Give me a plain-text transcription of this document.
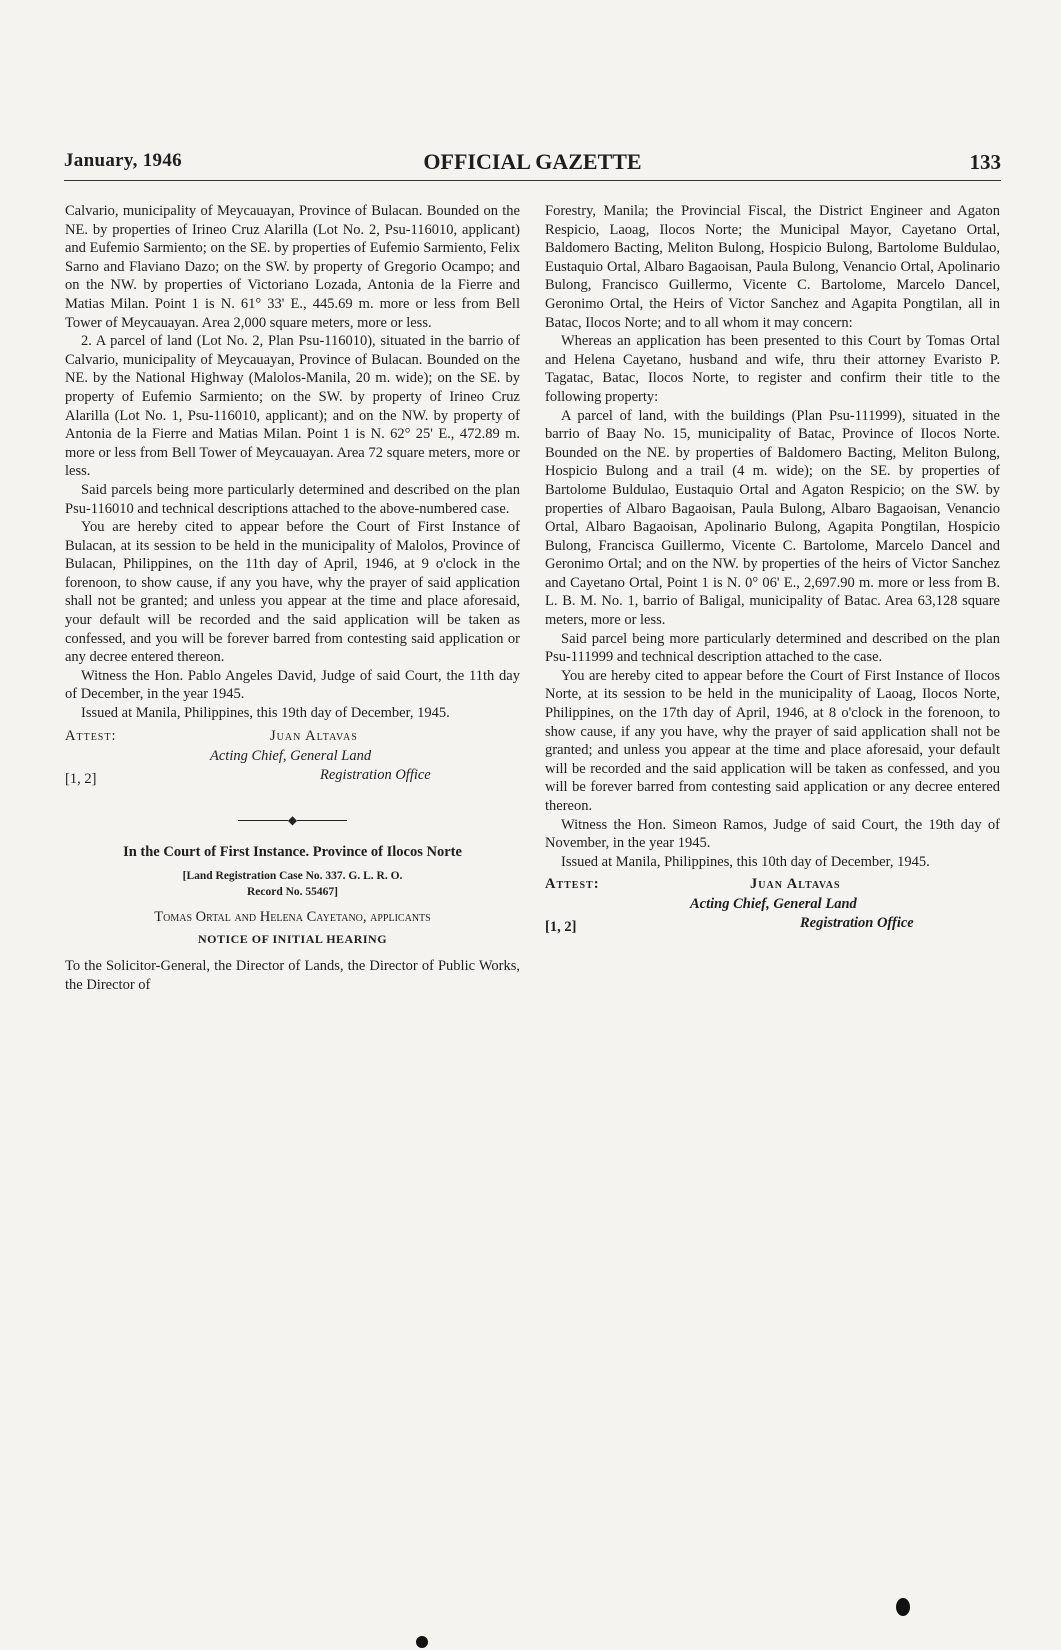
January, 1946	OFFICIAL GAZETTE	133

Calvario, municipality of Meycauayan, Province of Bulacan. Bounded on the NE. by properties of Irineo Cruz Alarilla (Lot No. 2, Psu-116010, applicant) and Eufemio Sarmiento; on the SE. by properties of Eufemio Sarmiento, Felix Sarno and Flaviano Dazo; on the SW. by property of Gregorio Ocampo; and on the NW. by properties of Victoriano Lozada, Antonia de la Fierre and Matias Milan. Point 1 is N. 61° 33' E., 445.69 m. more or less from Bell Tower of Meycauayan. Area 2,000 square meters, more or less.

2. A parcel of land (Lot No. 2, Plan Psu-116010), situated in the barrio of Calvario, municipality of Meycauayan, Province of Bulacan. Bounded on the NE. by the National Highway (Malolos-Manila, 20 m. wide); on the SE. by property of Eufemio Sarmiento; on the SW. by property of Irineo Cruz Alarilla (Lot No. 1, Psu-116010, applicant); and on the NW. by property of Antonia de la Fierre and Matias Milan. Point 1 is N. 62° 25' E., 472.89 m. more or less from Bell Tower of Meycauayan. Area 72 square meters, more or less.

Said parcels being more particularly determined and described on the plan Psu-116010 and technical descriptions attached to the above-numbered case.

You are hereby cited to appear before the Court of First Instance of Bulacan, at its session to be held in the municipality of Malolos, Province of Bulacan, Philippines, on the 11th day of April, 1946, at 9 o'clock in the forenoon, to show cause, if any you have, why the prayer of said application shall not be granted; and unless you appear at the time and place aforesaid, your default will be recorded and the said application will be taken as confessed, and you will be forever barred from contesting said application or any decree entered thereon.

Witness the Hon. Pablo Angeles David, Judge of said Court, the 11th day of December, in the year 1945.

Issued at Manila, Philippines, this 19th day of December, 1945.

Attest:	Juan Altavas
Acting Chief, General Land
Registration Office
[1, 2]
◆
In the Court of First Instance. Province of Ilocos Norte
[Land Registration Case No. 337. G. L. R. O.
Record No. 55467]
Tomas Ortal and Helena Cayetano, applicants
NOTICE OF INITIAL HEARING

To the Solicitor-General, the Director of Lands, the Director of Public Works, the Director of

Forestry, Manila; the Provincial Fiscal, the District Engineer and Agaton Respicio, Laoag, Ilocos Norte; the Municipal Mayor, Cayetano Ortal, Baldomero Bacting, Meliton Bulong, Hospicio Bulong, Bartolome Buldulao, Eustaquio Ortal, Albaro Bagaoisan, Paula Bulong, Venancio Ortal, Apolinario Bulong, Francisco Guillermo, Vicente C. Bartolome, Marcelo Dancel, Geronimo Ortal, the Heirs of Victor Sanchez and Agapita Pongtilan, all in Batac, Ilocos Norte; and to all whom it may concern:

Whereas an application has been presented to this Court by Tomas Ortal and Helena Cayetano, husband and wife, thru their attorney Evaristo P. Tagatac, Batac, Ilocos Norte, to register and confirm their title to the following property:

A parcel of land, with the buildings (Plan Psu-111999), situated in the barrio of Baay No. 15, municipality of Batac, Province of Ilocos Norte. Bounded on the NE. by properties of Baldomero Bacting, Meliton Bulong, Hospicio Bulong and a trail (4 m. wide); on the SE. by properties of Bartolome Buldulao, Eustaquio Ortal and Agaton Respicio; on the SW. by properties of Albaro Bagaoisan, Paula Bulong, Albaro Bagaoisan, Venancio Ortal, Albaro Bagaoisan, Apolinario Bulong, Agapita Pongtilan, Hospicio Bulong, Francisca Guillermo, Vicente C. Bartolome, Marcelo Dancel and Geronimo Ortal; and on the NW. by properties of the heirs of Victor Sanchez and Cayetano Ortal, Point 1 is N. 0° 06' E., 2,697.90 m. more or less from B. L. B. M. No. 1, barrio of Baligal, municipality of Batac. Area 63,128 square meters, more or less.

Said parcel being more particularly determined and described on the plan Psu-111999 and technical description attached to the case.

You are hereby cited to appear before the Court of First Instance of Ilocos Norte, at its session to be held in the municipality of Laoag, Ilocos Norte, Philippines, on the 17th day of April, 1946, at 8 o'clock in the forenoon, to show cause, if any you have, why the prayer of said application shall not be granted; and unless you appear at the time and place aforesaid, your default will be recorded and the said application will be taken as confessed, and you will be forever barred from contesting said application or any decree entered thereon.

Witness the Hon. Simeon Ramos, Judge of said Court, the 19th day of November, in the year 1945.

Issued at Manila, Philippines, this 10th day of December, 1945.

Attest:	Juan Altavas
Acting Chief, General Land
Registration Office
[1, 2]
